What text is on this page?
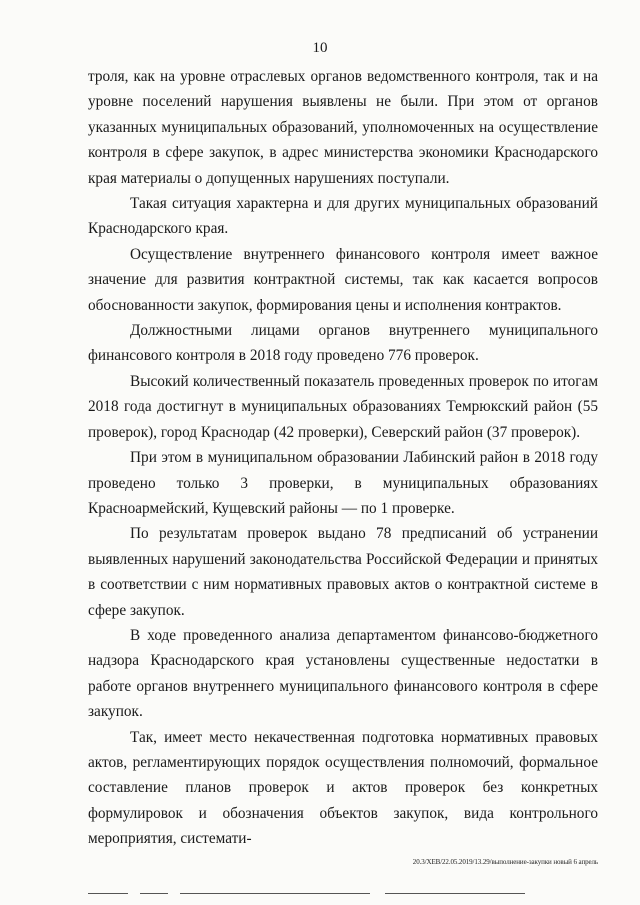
10

троля, как на уровне отраслевых органов ведомственного контроля, так и на уровне поселений нарушения выявлены не были. При этом от органов указанных муниципальных образований, уполномоченных на осуществление контроля в сфере закупок, в адрес министерства экономики Краснодарского края материалы о допущенных нарушениях поступали.

Такая ситуация характерна и для других муниципальных образований Краснодарского края.

Осуществление внутреннего финансового контроля имеет важное значение для развития контрактной системы, так как касается вопросов обоснованности закупок, формирования цены и исполнения контрактов.

Должностными лицами органов внутреннего муниципального финансового контроля в 2018 году проведено 776 проверок.

Высокий количественный показатель проведенных проверок по итогам 2018 года достигнут в муниципальных образованиях Темрюкский район (55 проверок), город Краснодар (42 проверки), Северский район (37 проверок).

При этом в муниципальном образовании Лабинский район в 2018 году проведено только 3 проверки, в муниципальных образованиях Красноармейский, Кущевский районы — по 1 проверке.

По результатам проверок выдано 78 предписаний об устранении выявленных нарушений законодательства Российской Федерации и принятых в соответствии с ним нормативных правовых актов о контрактной системе в сфере закупок.

В ходе проведенного анализа департаментом финансово-бюджетного надзора Краснодарского края установлены существенные недостатки в работе органов внутреннего муниципального финансового контроля в сфере закупок.

Так, имеет место некачественная подготовка нормативных правовых актов, регламентирующих порядок осуществления полномочий, формальное составление планов проверок и актов проверок без конкретных формулировок и обозначения объектов закупок, вида контрольного мероприятия, системати-

20.3/ХЕВ/22.05.2019/13.29/выполнение-закупки новый 6 апрель
